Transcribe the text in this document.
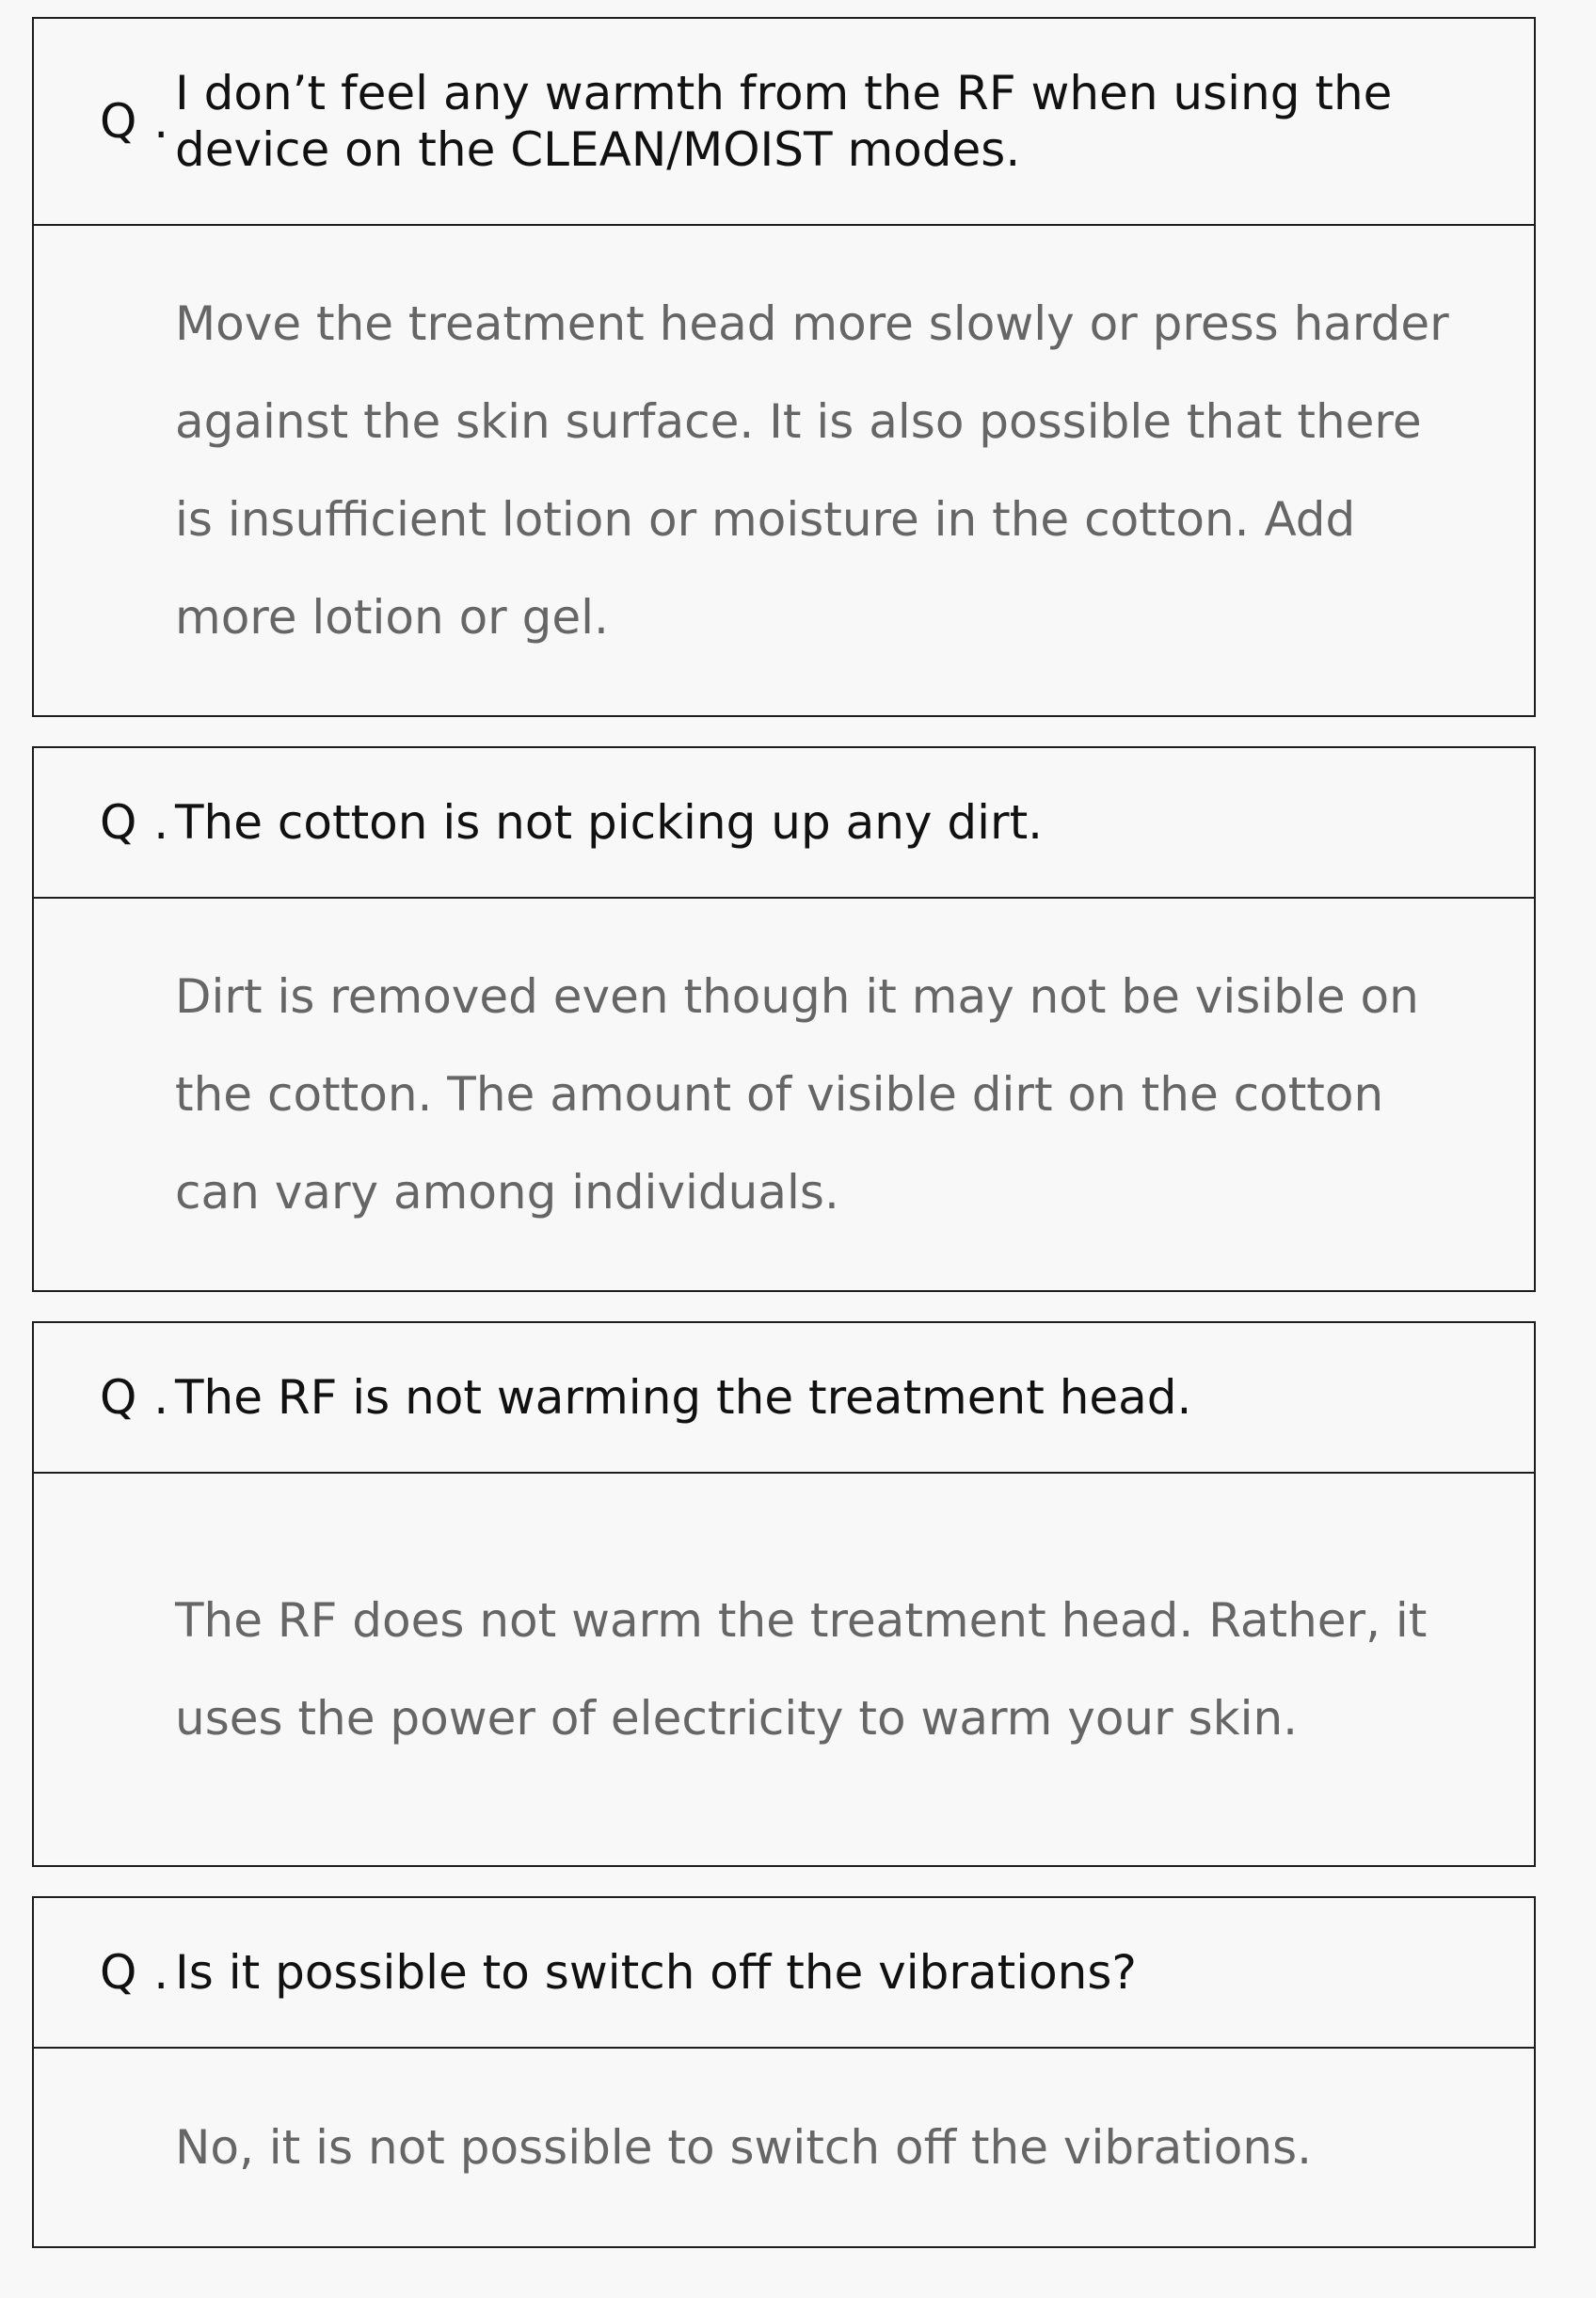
Q .
I don’t feel any warmth from the RF when using the device on the CLEAN/MOIST modes.
Move the treatment head more slowly or press harder against the skin surface. It is also possible that there is insufficient lotion or moisture in the cotton. Add more lotion or gel.
Q . The cotton is not picking up any dirt.
Dirt is removed even though it may not be visible on the cotton. The amount of visible dirt on the cotton can vary among individuals.
Q . The RF is not warming the treatment head.
The RF does not warm the treatment head. Rather, it uses the power of electricity to warm your skin.
Q . Is it possible to switch off the vibrations?
No, it is not possible to switch off the vibrations.
